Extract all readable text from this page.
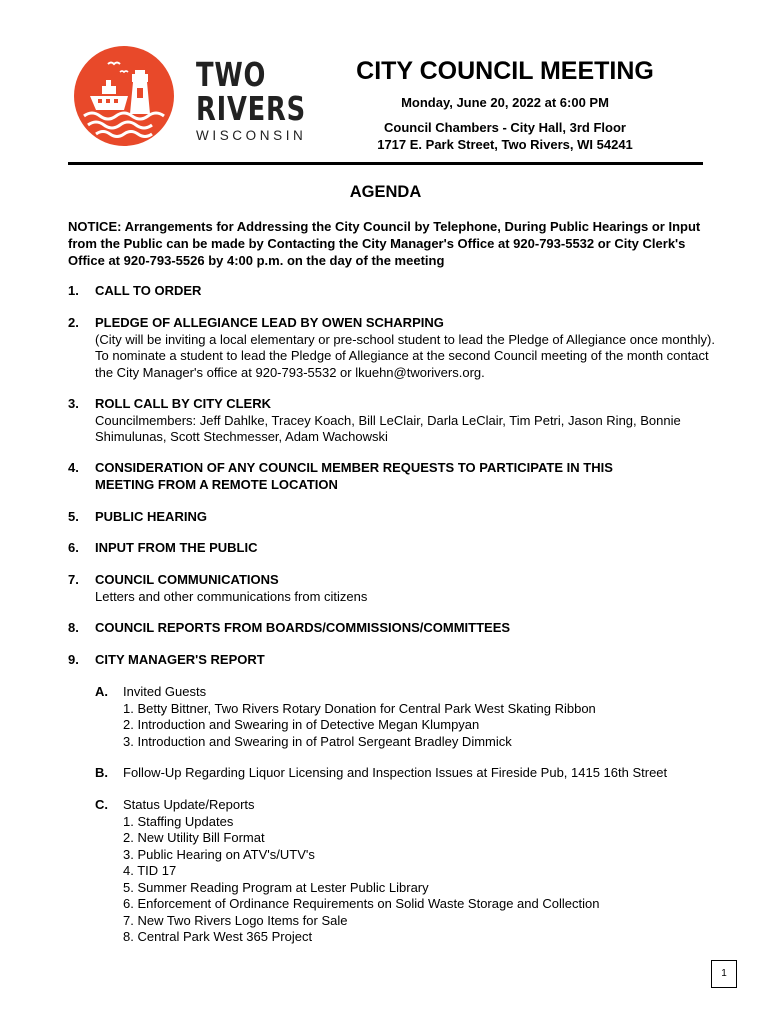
TWO
RIVERS
WISCONSIN
CITY COUNCIL MEETING
Monday, June 20, 2022 at 6:00 PM
Council Chambers - City Hall, 3rd Floor
1717 E. Park Street, Two Rivers, WI 54241
AGENDA
NOTICE: Arrangements for Addressing the City Council by Telephone, During Public Hearings or Input from the Public can be made by Contacting the City Manager's Office at 920-793-5532 or City Clerk's Office at 920-793-5526 by 4:00 p.m. on the day of the meeting
1. CALL TO ORDER
2. PLEDGE OF ALLEGIANCE LEAD BY OWEN SCHARPING
(City will be inviting a local elementary or pre-school student to lead the Pledge of Allegiance once monthly). To nominate a student to lead the Pledge of Allegiance at the second Council meeting of the month contact the City Manager's office at 920-793-5532 or lkuehn@tworivers.org.
3. ROLL CALL BY CITY CLERK
Councilmembers: Jeff Dahlke, Tracey Koach, Bill LeClair, Darla LeClair, Tim Petri, Jason Ring, Bonnie Shimulunas, Scott Stechmesser, Adam Wachowski
4. CONSIDERATION OF ANY COUNCIL MEMBER REQUESTS TO PARTICIPATE IN THIS MEETING FROM A REMOTE LOCATION
5. PUBLIC HEARING
6. INPUT FROM THE PUBLIC
7. COUNCIL COMMUNICATIONS
Letters and other communications from citizens
8. COUNCIL REPORTS FROM BOARDS/COMMISSIONS/COMMITTEES
9. CITY MANAGER'S REPORT
A. Invited Guests
1. Betty Bittner, Two Rivers Rotary Donation for Central Park West Skating Ribbon
2. Introduction and Swearing in of Detective Megan Klumpyan
3. Introduction and Swearing in of Patrol Sergeant Bradley Dimmick
B. Follow-Up Regarding Liquor Licensing and Inspection Issues at Fireside Pub, 1415 16th Street
C. Status Update/Reports
1. Staffing Updates
2. New Utility Bill Format
3. Public Hearing on ATV's/UTV's
4. TID 17
5. Summer Reading Program at Lester Public Library
6. Enforcement of Ordinance Requirements on Solid Waste Storage and Collection
7. New Two Rivers Logo Items for Sale
8. Central Park West 365 Project
1
